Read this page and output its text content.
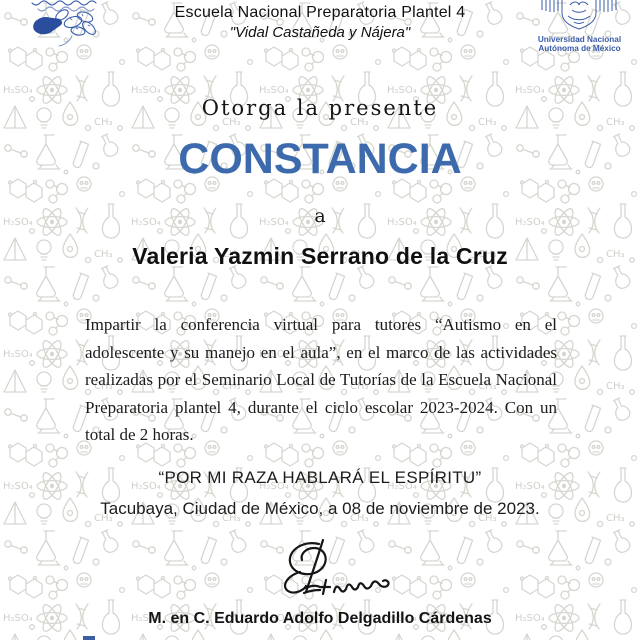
Universidad Nacional
Autónoma de México
Escuela Nacional Preparatoria Plantel 4
"Vidal Castañeda y Nájera"
Otorga la presente
CONSTANCIA
a
Valeria Yazmin Serrano de la Cruz
Impartir la conferencia virtual para tutores “Autismo en el adolescente y su manejo en el aula”, en el marco de las actividades realizadas por el Seminario Local de Tutorías de la Escuela Nacional Preparatoria plantel 4, durante el ciclo escolar 2023-2024. Con un total de 2 horas.
“POR MI RAZA HABLARÁ EL ESPÍRITU”
Tacubaya, Ciudad de México, a 08 de noviembre de 2023.
M. en C. Eduardo Adolfo Delgadillo Cárdenas
